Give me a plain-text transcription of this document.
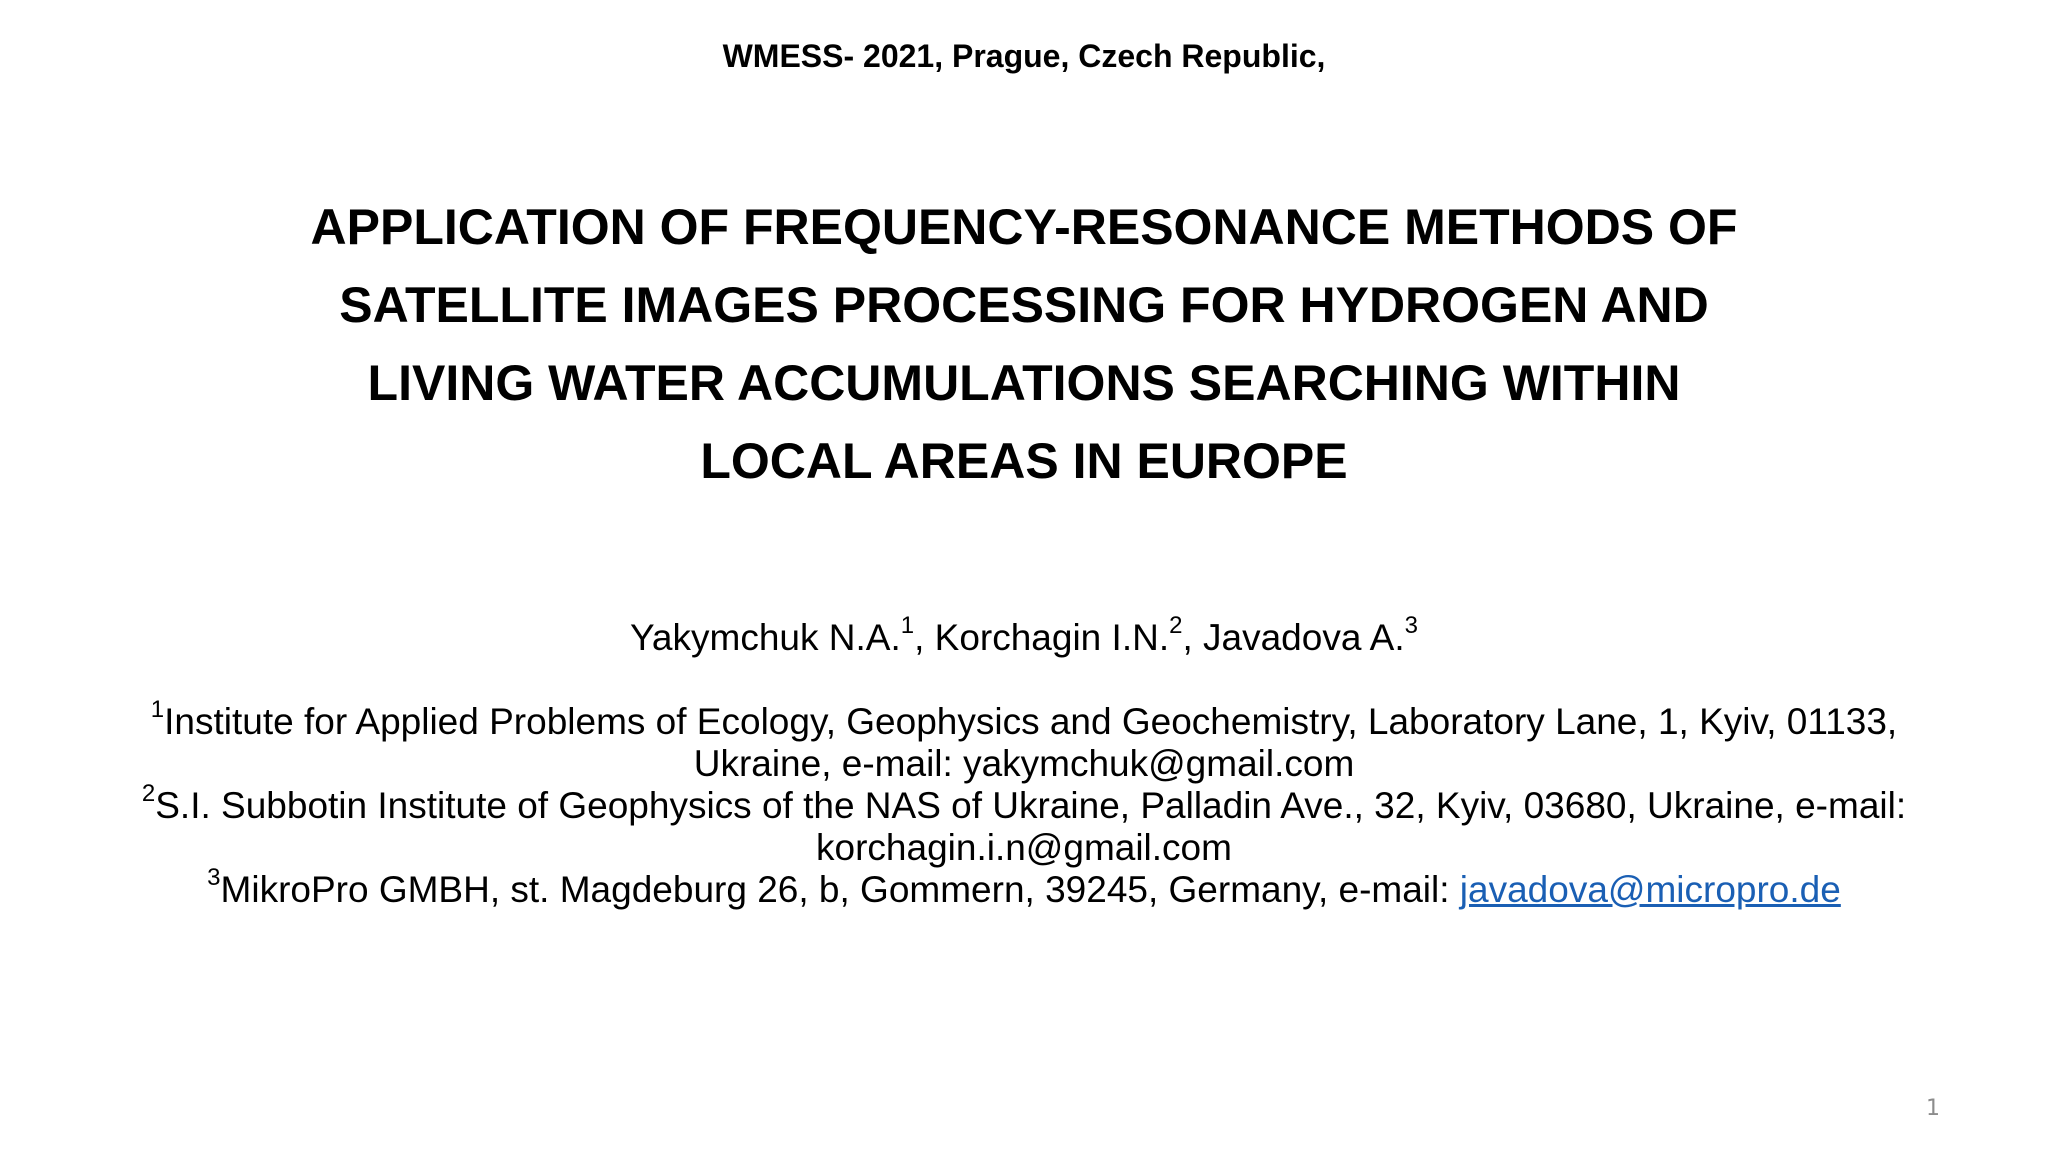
WMESS- 2021, Prague, Czech Republic,
APPLICATION OF FREQUENCY-RESONANCE METHODS OF
SATELLITE IMAGES PROCESSING FOR HYDROGEN AND
LIVING WATER ACCUMULATIONS SEARCHING WITHIN
LOCAL AREAS IN EUROPE
Yakymchuk N.A.$^1$, Korchagin I.N.$^2$, Javadova A.$^3$
$^1$Institute for Applied Problems of Ecology, Geophysics and Geochemistry, Laboratory Lane, 1, Kyiv, 01133,
Ukraine, e-mail: yakymchuk@gmail.com
$^2$S.I. Subbotin Institute of Geophysics of the NAS of Ukraine, Palladin Ave., 32, Kyiv, 03680, Ukraine, e-mail:
korchagin.i.n@gmail.com
$^3$MikroPro GMBH, st. Magdeburg 26, b, Gommern, 39245, Germany, e-mail: javadova@micropro.de
1
